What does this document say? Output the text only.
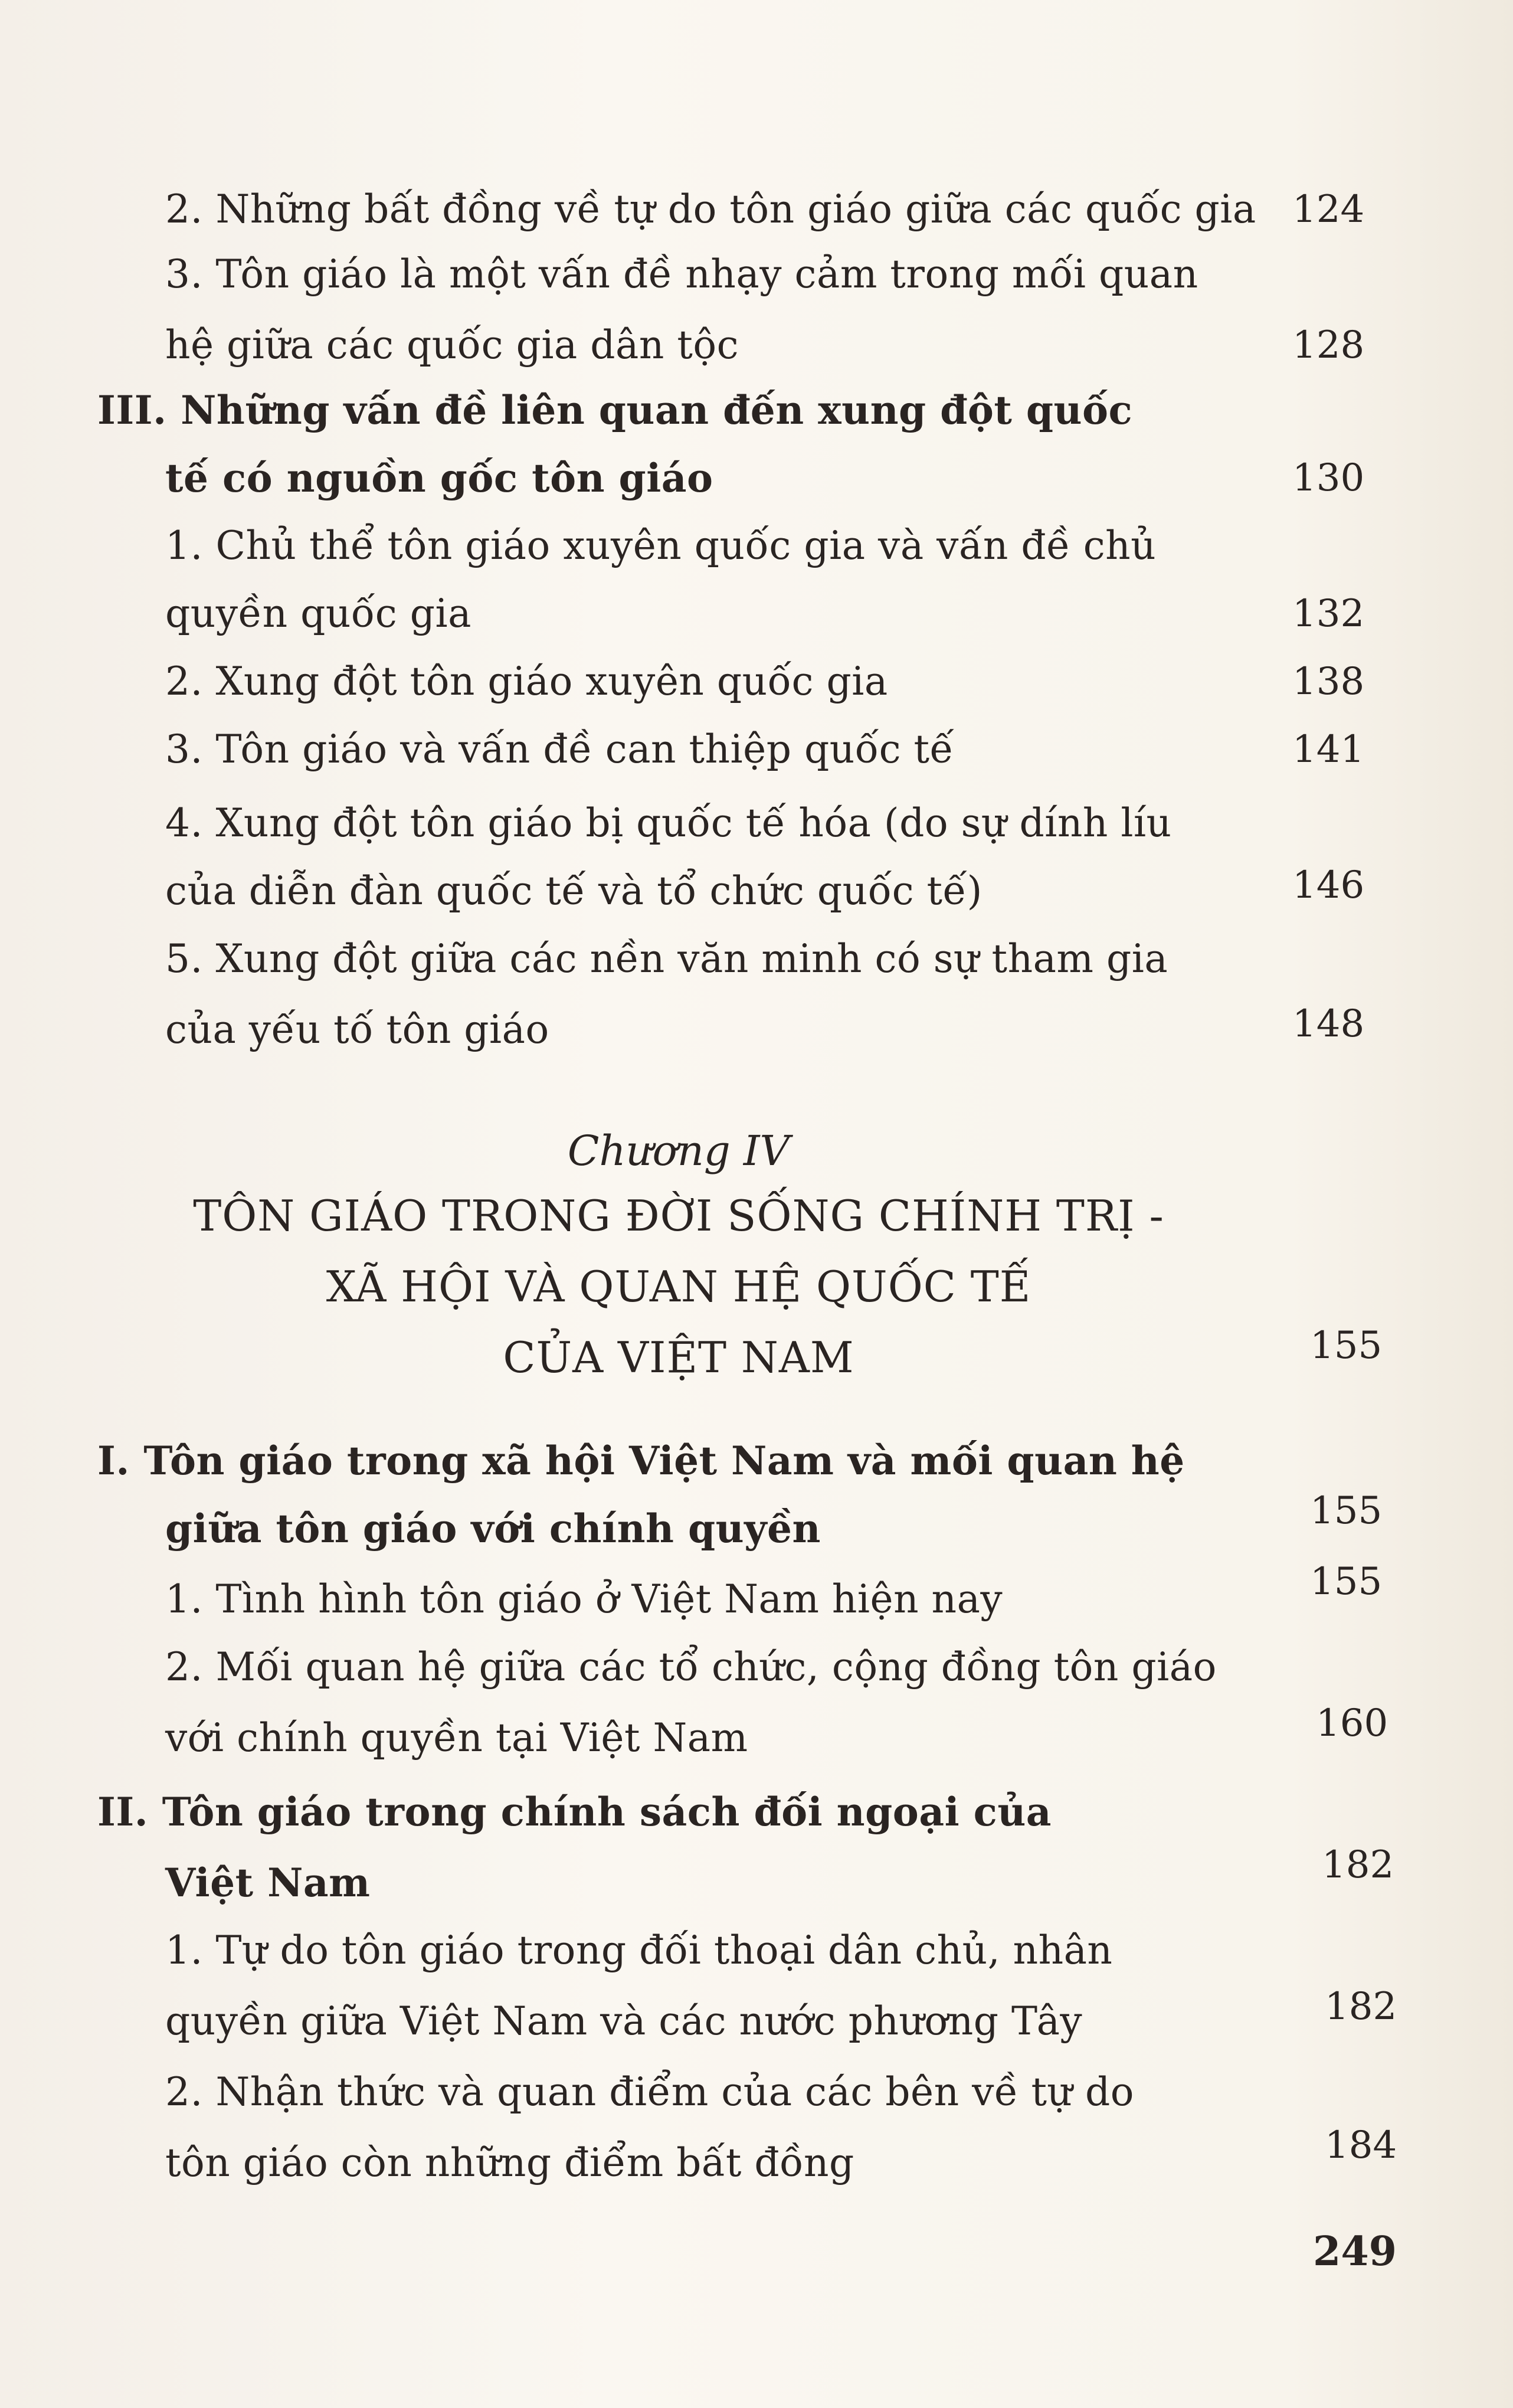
2. Những bất đồng về tự do tôn giáo giữa các quốc gia 124
3. Tôn giáo là một vấn đề nhạy cảm trong mối quan
hệ giữa các quốc gia dân tộc	128
III. Những vấn đề liên quan đến xung đột quốc
tế có nguồn gốc tôn giáo	130
1. Chủ thể tôn giáo xuyên quốc gia và vấn đề chủ
quyền quốc gia	132
2. Xung đột tôn giáo xuyên quốc gia	138
3. Tôn giáo và vấn đề can thiệp quốc tế	141
4. Xung đột tôn giáo bị quốc tế hóa (do sự dính líu
của diễn đàn quốc tế và tổ chức quốc tế)	146
5. Xung đột giữa các nền văn minh có sự tham gia
của yếu tố tôn giáo	148
Chương IV
TÔN GIÁO TRONG ĐỜI SỐNG CHÍNH TRỊ -
XÃ HỘI VÀ QUAN HỆ QUỐC TẾ
CỦA VIỆT NAM	155
I. Tôn giáo trong xã hội Việt Nam và mối quan hệ
giữa tôn giáo với chính quyền	155
1. Tình hình tôn giáo ở Việt Nam hiện nay	155
2. Mối quan hệ giữa các tổ chức, cộng đồng tôn giáo
với chính quyền tại Việt Nam	160
II. Tôn giáo trong chính sách đối ngoại của
Việt Nam	182
1. Tự do tôn giáo trong đối thoại dân chủ, nhân
quyền giữa Việt Nam và các nước phương Tây	182
2. Nhận thức và quan điểm của các bên về tự do
tôn giáo còn những điểm bất đồng	184
249
